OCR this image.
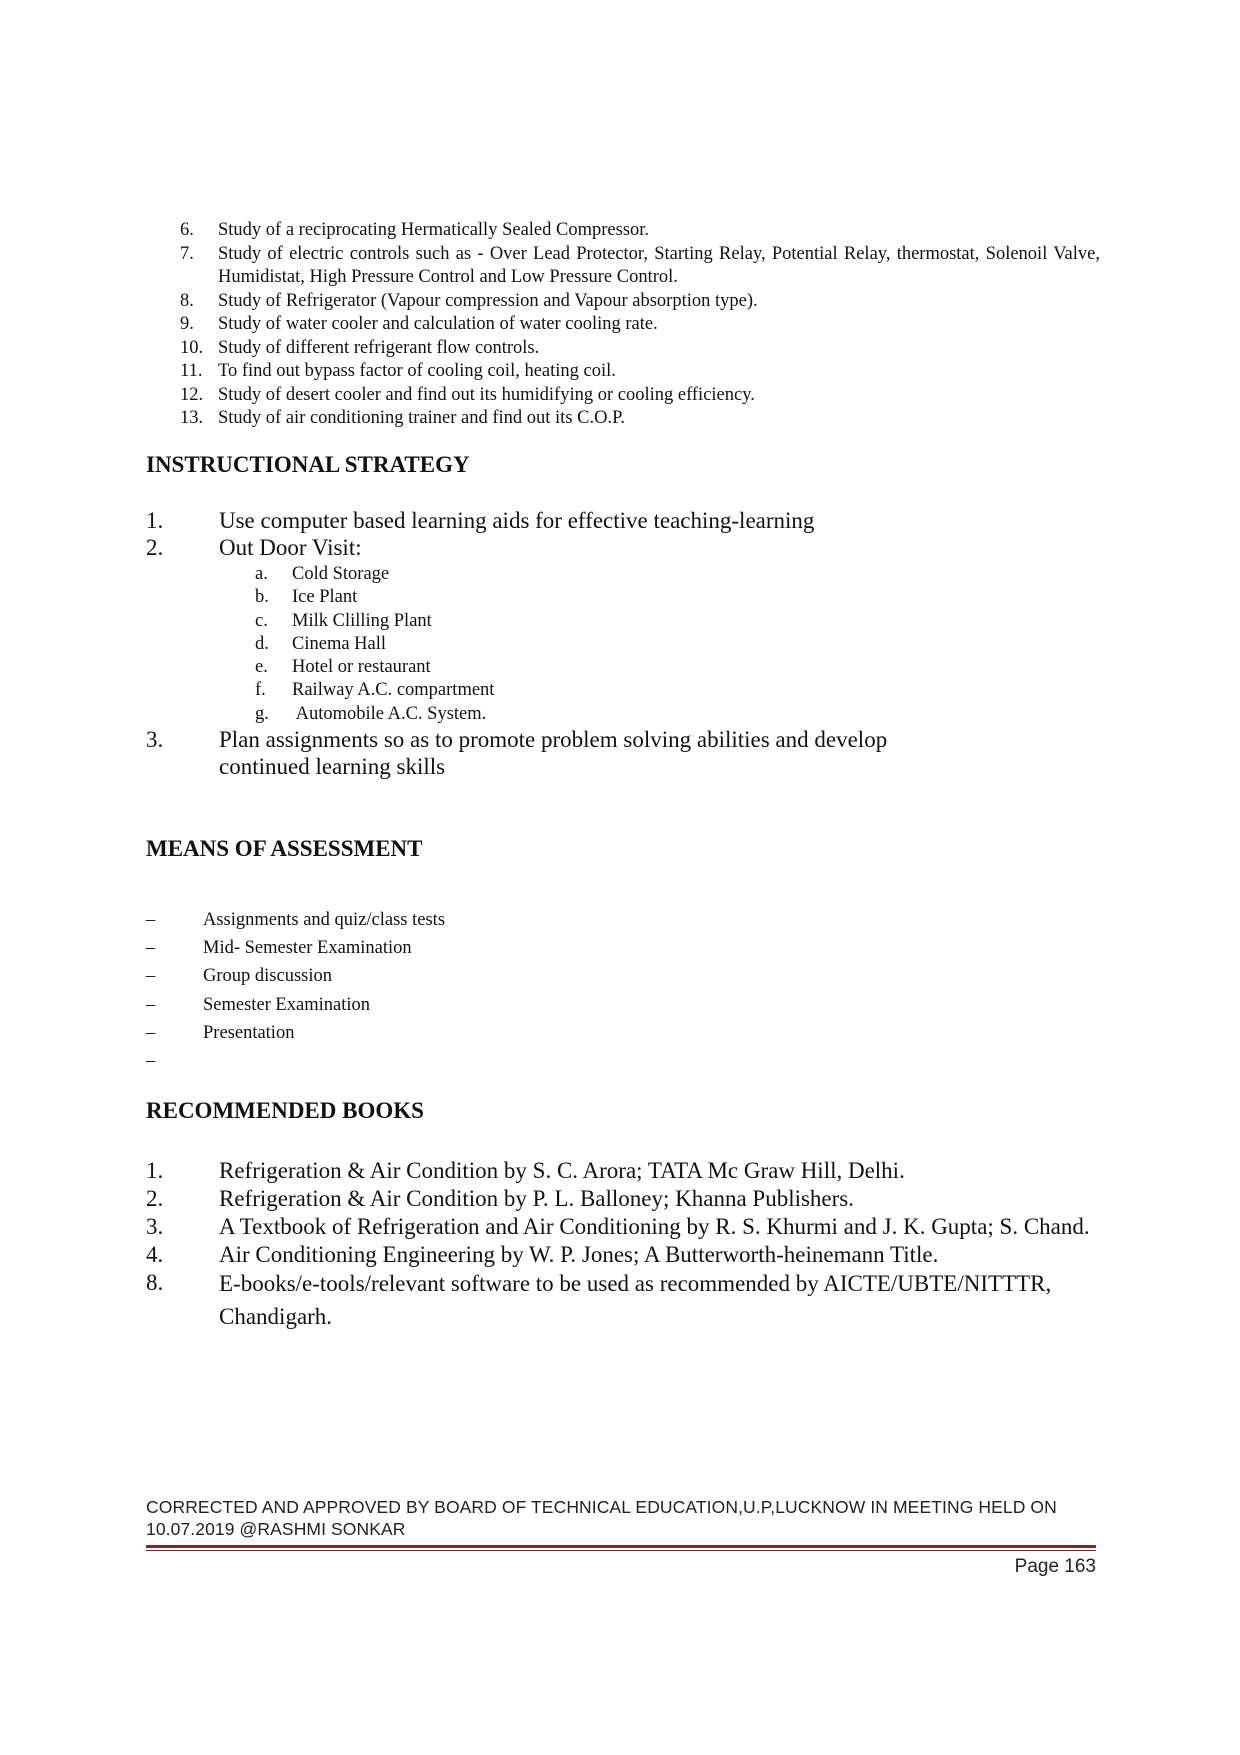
6.	Study of a reciprocating Hermatically Sealed Compressor.
7.	Study of electric controls such as - Over Lead Protector, Starting Relay, Potential Relay, thermostat, Solenoil Valve, Humidistat, High Pressure Control and Low Pressure Control.
8.	Study of Refrigerator (Vapour compression and Vapour absorption type).
9.	Study of water cooler and calculation of water cooling rate.
10. Study of different refrigerant flow controls.
11. To find out bypass factor of cooling coil, heating coil.
12. Study of desert cooler and find out its humidifying or cooling efficiency.
13. Study of air conditioning trainer and find out its C.O.P.
INSTRUCTIONAL STRATEGY
1.	Use computer based learning aids for effective teaching-learning
2.	Out Door Visit:
a.	Cold Storage
b.	Ice Plant
c.	Milk Clilling Plant
d.	Cinema Hall
e.	Hotel or restaurant
f.	Railway A.C. compartment
g.	Automobile A.C. System.
3.	Plan assignments so as to promote problem solving abilities and develop continued learning skills
MEANS OF ASSESSMENT
–	Assignments and quiz/class tests
–	Mid- Semester Examination
–	Group discussion
–	Semester Examination
–	Presentation
–
RECOMMENDED BOOKS
1. Refrigeration & Air Condition by S. C. Arora; TATA Mc Graw Hill, Delhi.
2. Refrigeration & Air Condition by P. L. Balloney; Khanna Publishers.
3. A Textbook of Refrigeration and Air Conditioning by R. S. Khurmi and J. K. Gupta; S. Chand.
4. Air Conditioning Engineering by W. P. Jones; A Butterworth-heinemann Title.
8.	E-books/e-tools/relevant software to be used as recommended by AICTE/UBTE/NITTTR, Chandigarh.
CORRECTED AND APPROVED BY BOARD OF TECHNICAL EDUCATION,U.P,LUCKNOW IN MEETING HELD ON
10.07.2019 @RASHMI SONKAR
Page 163
